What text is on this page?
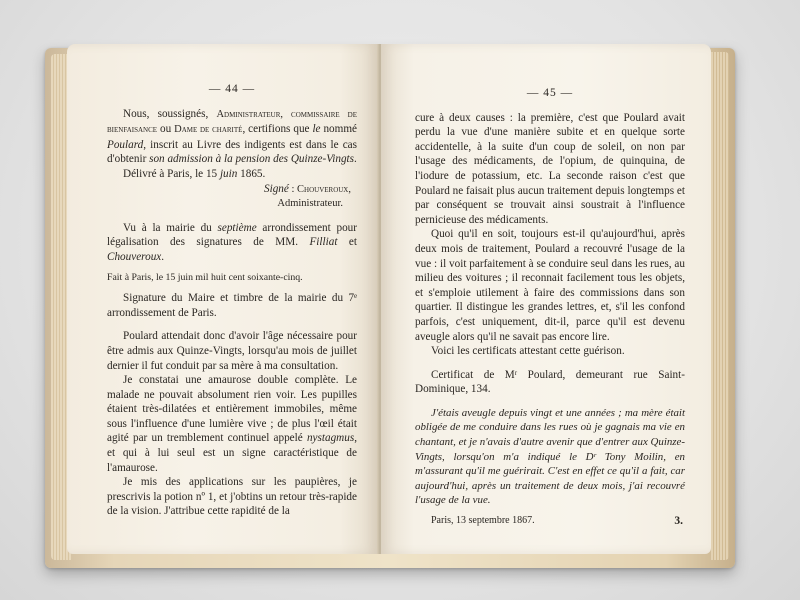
— 44 —

Nous, soussignés, Administrateur, commissaire de bienfaisance ou Dame de charité, certifions que le nommé Poulard, inscrit au Livre des indigents est dans le cas d'obtenir son admission à la pension des Quinze-Vingts.

Délivré à Paris, le 15 juin 1865.

Signé : Chouveroux,

Administrateur.

Vu à la mairie du septième arrondissement pour légalisation des signatures de MM. Filliat et Chouveroux.

Fait à Paris, le 15 juin mil huit cent soixante-cinq.

Signature du Maire et timbre de la mairie du 7ᵉ arrondissement de Paris.

Poulard attendait donc d'avoir l'âge nécessaire pour être admis aux Quinze-Vingts, lorsqu'au mois de juillet dernier il fut conduit par sa mère à ma consultation.

Je constatai une amaurose double complète. Le malade ne pouvait absolument rien voir. Les pupilles étaient très-dilatées et entièrement immobiles, même sous l'influence d'une lumière vive ; de plus l'œil était agité par un tremblement continuel appelé nystagmus, et qui à lui seul est un signe caractéristique de l'amaurose.

Je mis des applications sur les paupières, je prescrivis la potion nº 1, et j'obtins un retour très-rapide de la vision. J'attribue cette rapidité de la

— 45 —

cure à deux causes : la première, c'est que Poulard avait perdu la vue d'une manière subite et en quelque sorte accidentelle, à la suite d'un coup de soleil, on non par l'usage des médicaments, de l'opium, de quinquina, de l'iodure de potassium, etc. La seconde raison c'est que Poulard ne faisait plus aucun traitement depuis longtemps et par conséquent se trouvait ainsi soustrait à l'influence pernicieuse des médicaments.

Quoi qu'il en soit, toujours est-il qu'aujourd'hui, après deux mois de traitement, Poulard a recouvré l'usage de la vue : il voit parfaitement à se conduire seul dans les rues, au milieu des voitures ; il reconnait facilement tous les objets, et s'emploie utilement à faire des commissions dans son quartier. Il distingue les grandes lettres, et, s'il les confond parfois, c'est uniquement, dit-il, parce qu'il est devenu aveugle alors qu'il ne savait pas encore lire.

Voici les certificats attestant cette guérison.

Certificat de Mʳ Poulard, demeurant rue Saint-Dominique, 134.

J'étais aveugle depuis vingt et une années ; ma mère était obligée de me conduire dans les rues où je gagnais ma vie en chantant, et je n'avais d'autre avenir que d'entrer aux Quinze-Vingts, lorsqu'on m'a indiqué le Dʳ Tony Moilin, en m'assurant qu'il me guérirait. C'est en effet ce qu'il a fait, car aujourd'hui, après un traitement de deux mois, j'ai recouvré l'usage de la vue.

Paris, 13 septembre 1867.	3.
